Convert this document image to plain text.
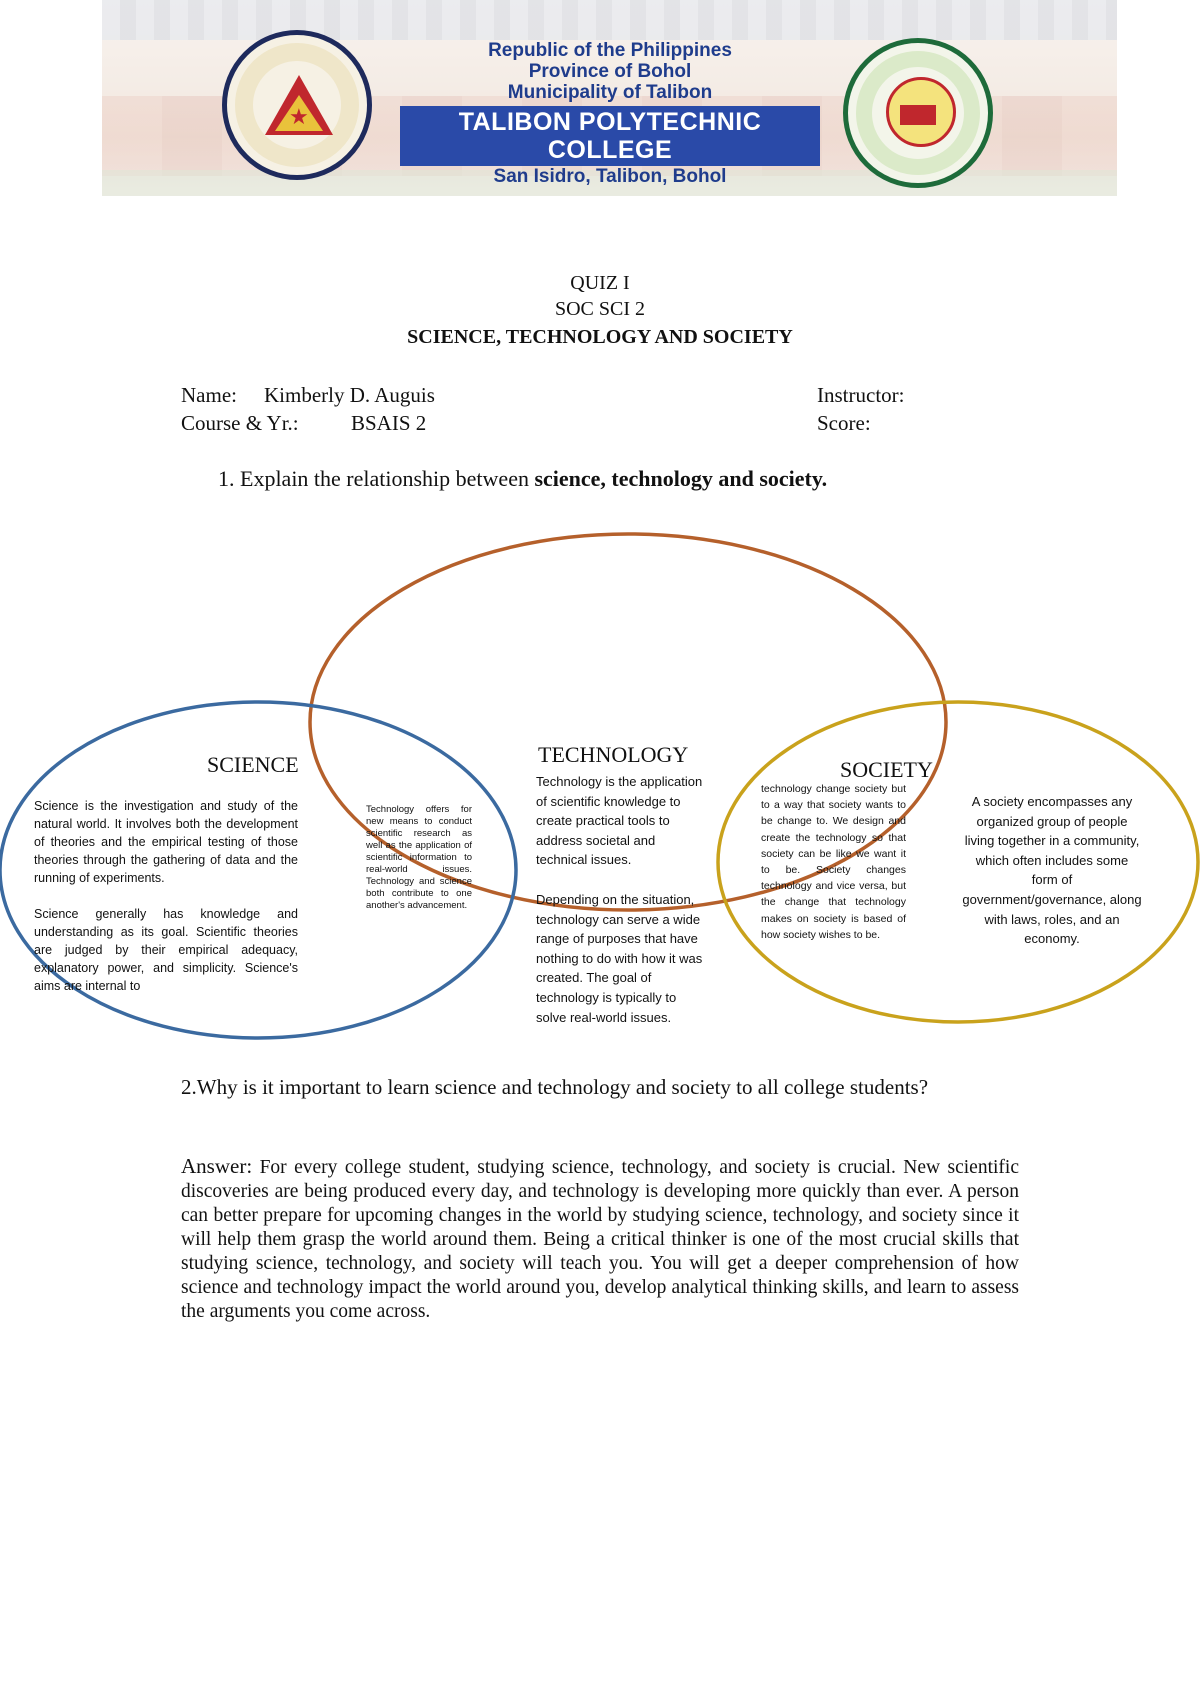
★
Republic of the Philippines
Province of Bohol
Municipality of Talibon
TALIBON POLYTECHNIC COLLEGE
San Isidro, Talibon, Bohol
QUIZ I
SOC SCI 2
SCIENCE, TECHNOLOGY AND SOCIETY
Name: Kimberly D. Auguis
Course & Yr.: BSAIS 2
Instructor:
Score:
1. Explain the relationship between science, technology and society.
SCIENCE	TECHNOLOGY
SOCIETY
Science is the investigation and study of the natural world. It involves both the development of theories and the empirical testing of those theories through the gathering of data and the running of experiments.
Science generally has knowledge and understanding as its goal. Scientific theories are judged by their empirical adequacy, explanatory power, and simplicity. Science's aims are internal to
Technology offers for new means to conduct scientific research as well as the application of scientific information to real-world issues. Technology and science both contribute to one another's advancement.
Technology is the application of scientific knowledge to create practical tools to address societal and technical issues.
Depending on the situation, technology can serve a wide range of purposes that have nothing to do with how it was created. The goal of technology is typically to solve real-world issues.
technology change society but to a way that society wants to be change to. We design and create the technology so that society can be like we want it to be. Society changes technology and vice versa, but the change that technology makes on society is based of how society wishes to be.
A society encompasses any organized group of people living together in a community, which often includes some form of government/governance, along with laws, roles, and an economy.
2.Why is it important to learn science and technology and society to all college students?
Answer: For every college student, studying science, technology, and society is crucial. New scientific discoveries are being produced every day, and technology is developing more quickly than ever. A person can better prepare for upcoming changes in the world by studying science, technology, and society since it will help them grasp the world around them. Being a critical thinker is one of the most crucial skills that studying science, technology, and society will teach you. You will get a deeper comprehension of how science and technology impact the world around you, develop analytical thinking skills, and learn to assess the arguments you come across.
